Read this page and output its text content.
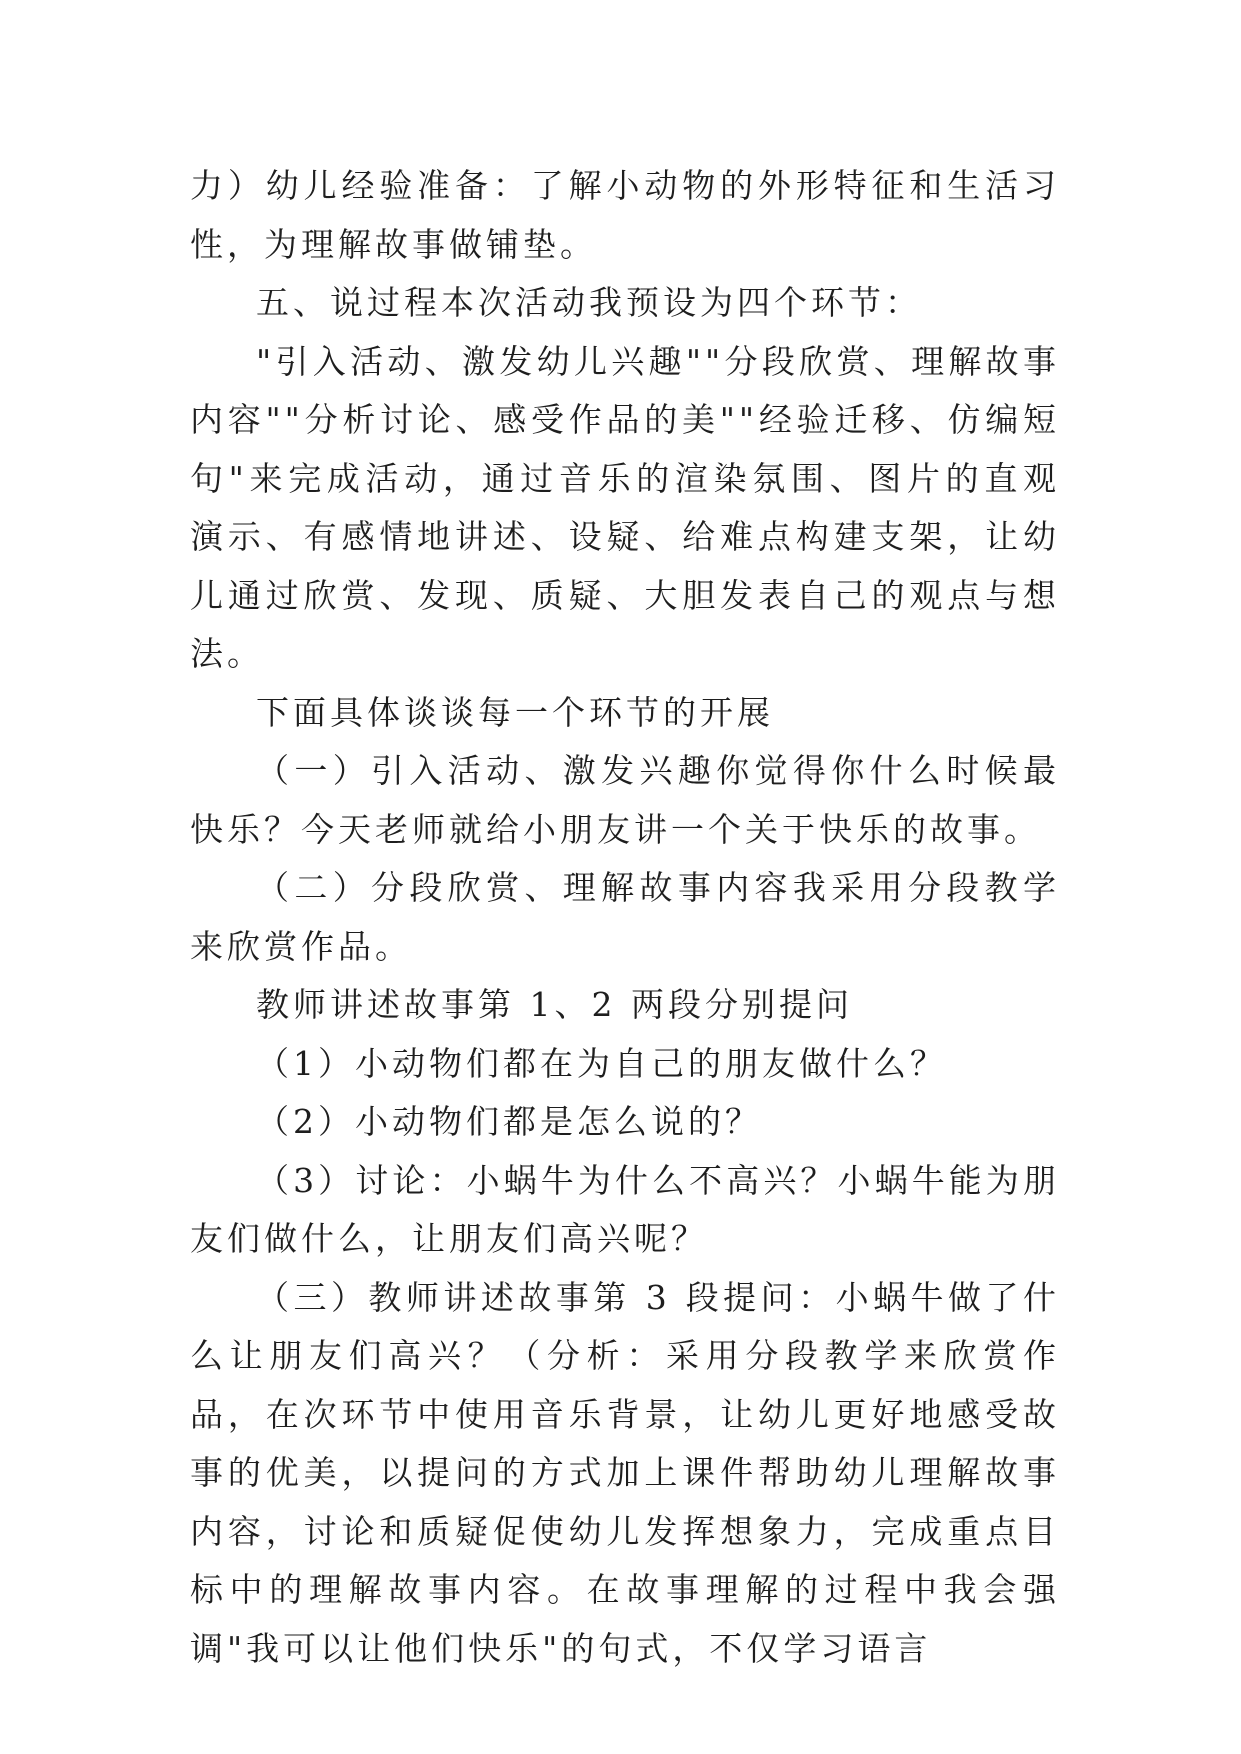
力）幼儿经验准备：了解小动物的外形特征和生活习性，为理解故事做铺垫。

五、说过程本次活动我预设为四个环节：

"引入活动、激发幼儿兴趣""分段欣赏、理解故事内容""分析讨论、感受作品的美""经验迁移、仿编短句"来完成活动，通过音乐的渲染氛围、图片的直观演示、有感情地讲述、设疑、给难点构建支架，让幼儿通过欣赏、发现、质疑、大胆发表自己的观点与想法。

下面具体谈谈每一个环节的开展

（一）引入活动、激发兴趣你觉得你什么时候最快乐？今天老师就给小朋友讲一个关于快乐的故事。

（二）分段欣赏、理解故事内容我采用分段教学来欣赏作品。

教师讲述故事第 1、2 两段分别提问

（1）小动物们都在为自己的朋友做什么？

（2）小动物们都是怎么说的？

（3）讨论：小蜗牛为什么不高兴？小蜗牛能为朋友们做什么，让朋友们高兴呢？

（三）教师讲述故事第 3 段提问：小蜗牛做了什么让朋友们高兴？（分析：采用分段教学来欣赏作品，在次环节中使用音乐背景，让幼儿更好地感受故事的优美，以提问的方式加上课件帮助幼儿理解故事内容，讨论和质疑促使幼儿发挥想象力，完成重点目标中的理解故事内容。在故事理解的过程中我会强调"我可以让他们快乐"的句式，不仅学习语言
